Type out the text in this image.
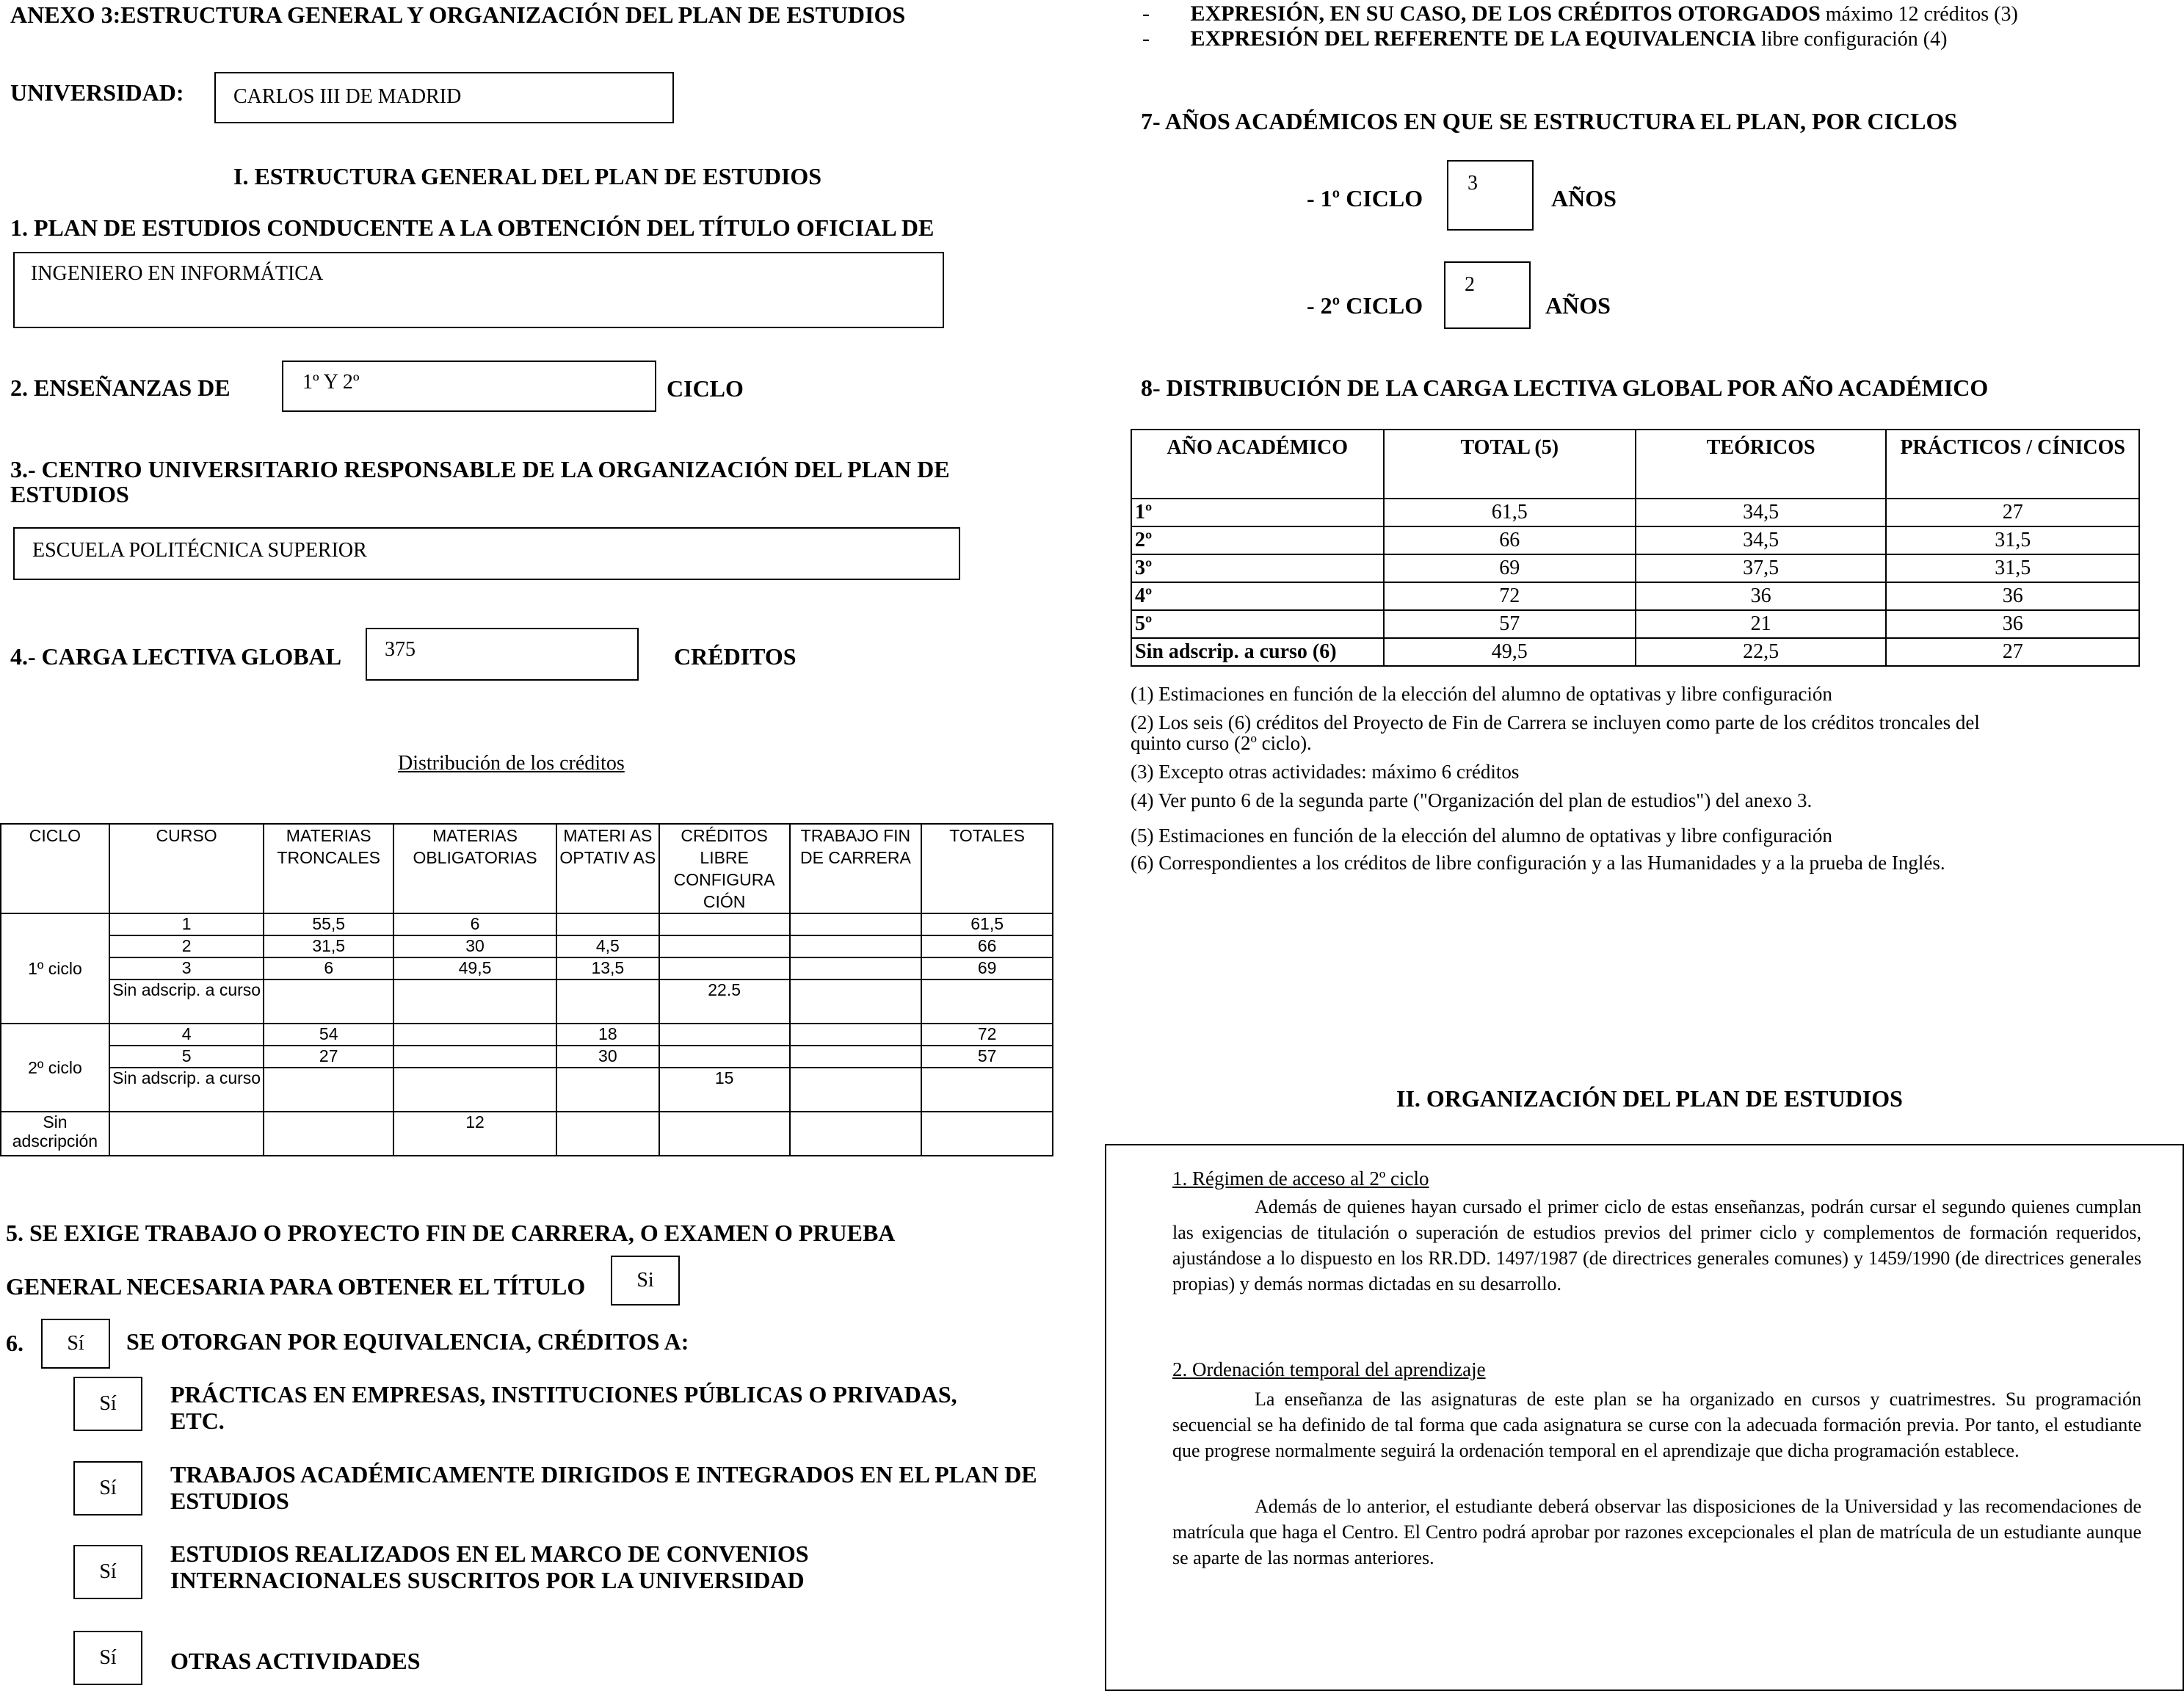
ANEXO 3:ESTRUCTURA GENERAL Y ORGANIZACIÓN DEL PLAN DE ESTUDIOS
UNIVERSIDAD: CARLOS III DE MADRID
I. ESTRUCTURA GENERAL DEL PLAN DE ESTUDIOS
1. PLAN DE ESTUDIOS CONDUCENTE A LA OBTENCIÓN DEL TÍTULO OFICIAL DE
INGENIERO EN INFORMÁTICA
2. ENSEÑANZAS DE	1º Y 2º	CICLO
3.- CENTRO UNIVERSITARIO RESPONSABLE DE LA ORGANIZACIÓN DEL PLAN DE
ESTUDIOS
ESCUELA POLITÉCNICA SUPERIOR
4.- CARGA LECTIVA GLOBAL 375	CRÉDITOS
Distribución de los créditos
CICLO	CURSO	MATERIAS TRONCALES	MATERIAS OBLIGATORIAS	MATERI AS OPTATIV AS	CRÉDITOS LIBRE CONFIGURA CIÓN	TRABAJO FIN DE CARRERA	TOTALES
1º ciclo	1	55,5	6				61,5
	2	31,5	30	4,5			66
	3	6	49,5	13,5			69
	Sin adscrip. a curso				22.5		
2º ciclo	4	54		18			72
	5	27		30			57
	Sin adscrip. a curso				15		
Sin adscripción			12				
5. SE EXIGE TRABAJO O PROYECTO FIN DE CARRERA, O EXAMEN O PRUEBA
GENERAL NECESARIA PARA OBTENER EL TÍTULO	Si
6.	Sí	SE OTORGAN POR EQUIVALENCIA, CRÉDITOS A:
Sí	PRÁCTICAS EN EMPRESAS, INSTITUCIONES PÚBLICAS O PRIVADAS,
ETC.
Sí
TRABAJOS ACADÉMICAMENTE DIRIGIDOS E INTEGRADOS EN EL PLAN DE
ESTUDIOS
Sí
ESTUDIOS REALIZADOS EN EL MARCO DE CONVENIOS
INTERNACIONALES SUSCRITOS POR LA UNIVERSIDAD
Sí	OTRAS ACTIVIDADES
- EXPRESIÓN, EN SU CASO, DE LOS CRÉDITOS OTORGADOS máximo 12 créditos (3)
- EXPRESIÓN DEL REFERENTE DE LA EQUIVALENCIA libre configuración (4)
7- AÑOS ACADÉMICOS EN QUE SE ESTRUCTURA EL PLAN, POR CICLOS
- 1º CICLO
3
AÑOS
- 2º CICLO
2
AÑOS
8- DISTRIBUCIÓN DE LA CARGA LECTIVA GLOBAL POR AÑO ACADÉMICO
AÑO ACADÉMICO	TOTAL (5)	TEÓRICOS	PRÁCTICOS / CÍNICOS
1º	61,5	34,5	27
2º	66	34,5	31,5
3º	69	37,5	31,5
4º	72	36	36
5º	57	21	36
Sin adscrip. a curso (6)	49,5	22,5	27
(1) Estimaciones en función de la elección del alumno de optativas y libre configuración
(2) Los seis (6) créditos del Proyecto de Fin de Carrera se incluyen como parte de los créditos troncales del
quinto curso (2º ciclo).
(3) Excepto otras actividades: máximo 6 créditos
(4) Ver punto 6 de la segunda parte ("Organización del plan de estudios") del anexo 3.
(5) Estimaciones en función de la elección del alumno de optativas y libre configuración
(6) Correspondientes a los créditos de libre configuración y a las Humanidades y a la prueba de Inglés.
II. ORGANIZACIÓN DEL PLAN DE ESTUDIOS
1. Régimen de acceso al 2º ciclo

Además de quienes hayan cursado el primer ciclo de estas enseñanzas, podrán cursar el segundo quienes cumplan las exigencias de titulación o superación de estudios previos del primer ciclo y complementos de formación requeridos, ajustándose a lo dispuesto en los RR.DD. 1497/1987 (de directrices generales comunes) y 1459/1990 (de directrices generales propias) y demás normas dictadas en su desarrollo.

2. Ordenación temporal del aprendizaje

La enseñanza de las asignaturas de este plan se ha organizado en cursos y cuatrimestres. Su programación secuencial se ha definido de tal forma que cada asignatura se curse con la adecuada formación previa. Por tanto, el estudiante que progrese normalmente seguirá la ordenación temporal en el aprendizaje que dicha programación establece.

Además de lo anterior, el estudiante deberá observar las disposiciones de la Universidad y las recomendaciones de matrícula que haga el Centro. El Centro podrá aprobar por razones excepcionales el plan de matrícula de un estudiante aunque se aparte de las normas anteriores.
